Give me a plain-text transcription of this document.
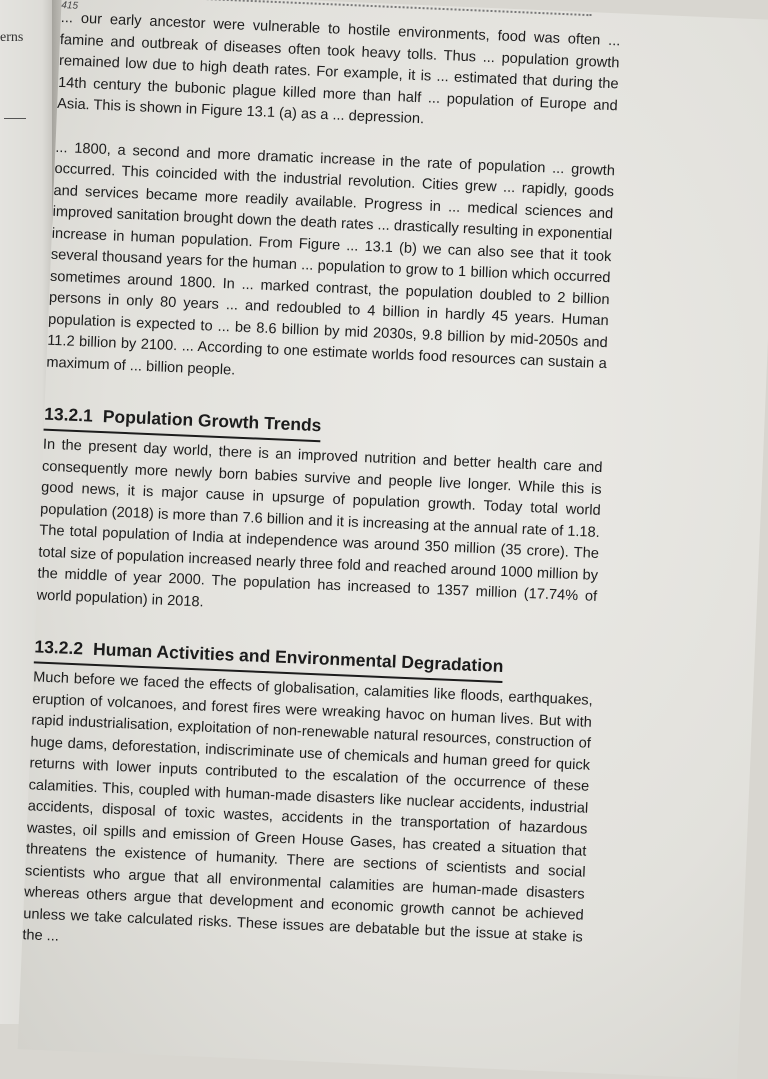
erns
415

... our early ancestor were vulnerable to hostile environments, food was often ... famine and outbreak of diseases often took heavy tolls. Thus ... population growth remained low due to high death rates. For example, it is ... estimated that during the 14th century the bubonic plague killed more than half ... population of Europe and Asia. This is shown in Figure 13.1 (a) as a ... depression.

... 1800, a second and more dramatic increase in the rate of population ... growth occurred. This coincided with the industrial revolution. Cities grew ... rapidly, goods and services became more readily available. Progress in ... medical sciences and improved sanitation brought down the death rates ... drastically resulting in exponential increase in human population. From Figure ... 13.1 (b) we can also see that it took several thousand years for the human ... population to grow to 1 billion which occurred sometimes around 1800. In ... marked contrast, the population doubled to 2 billion persons in only 80 years ... and redoubled to 4 billion in hardly 45 years. Human population is expected to ... be 8.6 billion by mid 2030s, 9.8 billion by mid-2050s and 11.2 billion by 2100. ... According to one estimate worlds food resources can sustain a maximum of ... billion people.

13.2.1 Population Growth Trends

In the present day world, there is an improved nutrition and better health care and consequently more newly born babies survive and people live longer. While this is good news, it is major cause in upsurge of population growth. Today total world population (2018) is more than 7.6 billion and it is increasing at the annual rate of 1.18. The total population of India at independence was around 350 million (35 crore). The total size of population increased nearly three fold and reached around 1000 million by the middle of year 2000. The population has increased to 1357 million (17.74% of world population) in 2018.

13.2.2 Human Activities and Environmental Degradation

Much before we faced the effects of globalisation, calamities like floods, earthquakes, eruption of volcanoes, and forest fires were wreaking havoc on human lives. But with rapid industrialisation, exploitation of non-renewable natural resources, construction of huge dams, deforestation, indiscriminate use of chemicals and human greed for quick returns with lower inputs contributed to the escalation of the occurrence of these calamities. This, coupled with human-made disasters like nuclear accidents, industrial accidents, disposal of toxic wastes, accidents in the transportation of hazardous wastes, oil spills and emission of Green House Gases, has created a situation that threatens the existence of humanity. There are sections of scientists and social scientists who argue that all environmental calamities are human-made disasters whereas others argue that development and economic growth cannot be achieved unless we take calculated risks. These issues are debatable but the issue at stake is the ...
